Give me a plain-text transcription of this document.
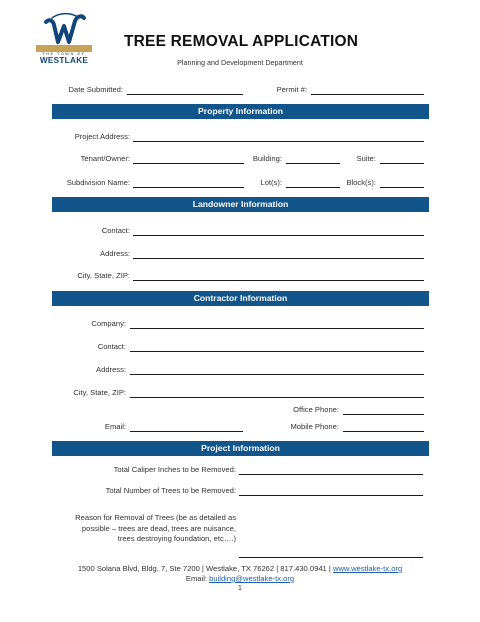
THE TOWN OF
WESTLAKE
TREE REMOVAL APPLICATION
Planning and Development Department
Date Submitted:	Permit #:
Property Information
Project Address:
Tenant/Owner:	Building:	Suite:
Subdivision Name:	Lot(s):	Block(s):
Landowner Information
Contact:
Address:
City, State, ZIP:
Contractor Information
Company:
Contact:
Address:
City, State, ZIP:
Office Phone:
Email:	Mobile Phone:
Project Information
Total Caliper Inches to be Removed:
Total Number of Trees to be Removed:
Reason for Removal of Trees (be as detailed as
possible – trees are dead, trees are nuisance,
trees destroying foundation, etc….)
1500 Solana Blvd, Bldg. 7, Ste 7200 | Westlake, TX 76262 | 817.430.0941 | www.westlake-tx.org
Email: building@westlake-tx.org
1
